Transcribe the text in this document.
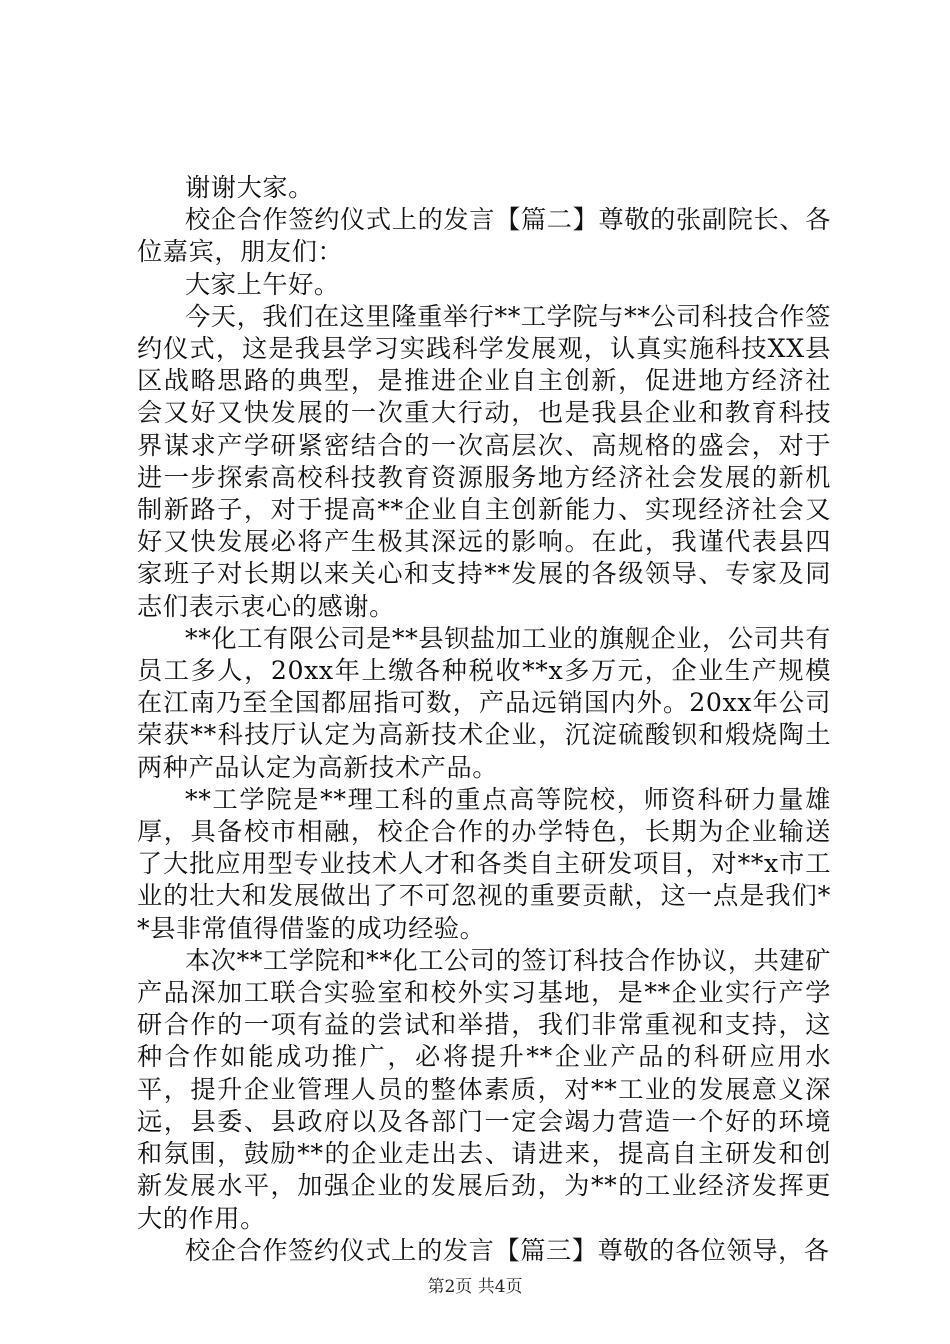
谢谢大家。

校企合作签约仪式上的发言【篇二】尊敬的张副院长、各位嘉宾，朋友们：

大家上午好。

今天，我们在这里隆重举行**工学院与**公司科技合作签约仪式，这是我县学习实践科学发展观，认真实施科技XX县区战略思路的典型，是推进企业自主创新，促进地方经济社会又好又快发展的一次重大行动，也是我县企业和教育科技界谋求产学研紧密结合的一次高层次、高规格的盛会，对于进一步探索高校科技教育资源服务地方经济社会发展的新机制新路子，对于提高**企业自主创新能力、实现经济社会又好又快发展必将产生极其深远的影响。在此，我谨代表县四家班子对长期以来关心和支持**发展的各级领导、专家及同志们表示衷心的感谢。

**化工有限公司是**县钡盐加工业的旗舰企业，公司共有员工多人，20xx年上缴各种税收**x多万元，企业生产规模在江南乃至全国都屈指可数，产品远销国内外。20xx年公司荣获**科技厅认定为高新技术企业，沉淀硫酸钡和煅烧陶土两种产品认定为高新技术产品。

**工学院是**理工科的重点高等院校，师资科研力量雄厚，具备校市相融，校企合作的办学特色，长期为企业输送了大批应用型专业技术人才和各类自主研发项目，对**x市工业的壮大和发展做出了不可忽视的重要贡献，这一点是我们**县非常值得借鉴的成功经验。

本次**工学院和**化工公司的签订科技合作协议，共建矿产品深加工联合实验室和校外实习基地，是**企业实行产学研合作的一项有益的尝试和举措，我们非常重视和支持，这种合作如能成功推广，必将提升**企业产品的科研应用水平，提升企业管理人员的整体素质，对**工业的发展意义深远，县委、县政府以及各部门一定会竭力营造一个好的环境和氛围，鼓励**的企业走出去、请进来，提高自主研发和创新发展水平，加强企业的发展后劲，为**的工业经济发挥更大的作用。

校企合作签约仪式上的发言【篇三】尊敬的各位领导，各

第2页 共4页
